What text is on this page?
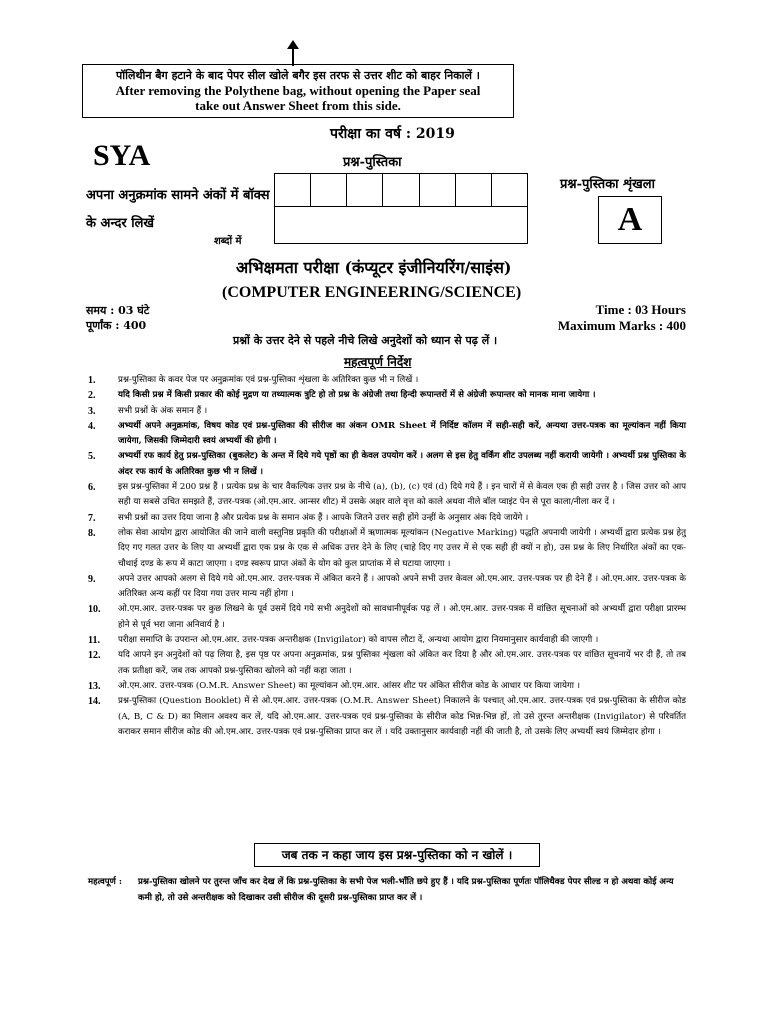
पॉलिथीन बैग हटाने के बाद पेपर सील खोले बगैर इस तरफ से उत्तर शीट को बाहर निकालें ।
After removing the Polythene bag, without opening the Paper seal
take out Answer Sheet from this side.
परीक्षा का वर्ष : 2019
SYA	प्रश्न-पुस्तिका
प्रश्न-पुस्तिका शृंखला
A
अपना अनुक्रमांक सामने अंकों में बॉक्स के अन्दर लिखें
शब्दों में
अभिक्षमता परीक्षा (कंप्यूटर इंजीनियरिंग/साइंस)
(COMPUTER ENGINEERING/SCIENCE)
समय : 03 घंटे
पूर्णांक : 400
Time : 03 Hours
Maximum Marks : 400
प्रश्नों के उत्तर देने से पहले नीचे लिखे अनुदेशों को ध्यान से पढ़ लें ।
महत्वपूर्ण निर्देश
1.	प्रश्न-पुस्तिका के कवर पेज पर अनुक्रमांक एवं प्रश्न-पुस्तिका शृंखला के अतिरिक्त कुछ भी न लिखें ।
2.	यदि किसी प्रश्न में किसी प्रकार की कोई मुद्रण या तथ्यात्मक त्रुटि हो तो प्रश्न के अंग्रेजी तथा हिन्दी रूपान्तरों में से अंग्रेजी रूपान्तर को मानक माना जायेगा ।
3.	सभी प्रश्नों के अंक समान हैं ।
4.	अभ्यर्थी अपने अनुक्रमांक, विषय कोड एवं प्रश्न-पुस्तिका की सीरीज का अंकन OMR Sheet में निर्दिष्ट कॉलम में सही-सही करें, अन्यथा उत्तर-पत्रक का मूल्यांकन नहीं किया जायेगा, जिसकी जिम्मेदारी स्वयं अभ्यर्थी की होगी ।
5.	अभ्यर्थी रफ कार्य हेतु प्रश्न-पुस्तिका (बुकलेट) के अन्त में दिये गये पृष्ठों का ही केवल उपयोग करें । अलग से इस हेतु वर्किंग शीट उपलब्ध नहीं करायी जायेगी । अभ्यर्थी प्रश्न पुस्तिका के अंदर रफ कार्य के अतिरिक्त कुछ भी न लिखें ।
6.	इस प्रश्न-पुस्तिका में 200 प्रश्न हैं । प्रत्येक प्रश्न के चार वैकल्पिक उत्तर प्रश्न के नीचे (a), (b), (c) एवं (d) दिये गये हैं । इन चारों में से केवल एक ही सही उत्तर है । जिस उत्तर को आप सही या सबसे उचित समझते हैं, उत्तर-पत्रक (ओ.एम.आर. आन्सर शीट) में उसके अक्षर वाले वृत्त को काले अथवा नीले बॉल प्वाइंट पेन से पूरा काला/नीला कर दें ।
7.	सभी प्रश्नों का उत्तर दिया जाना है और प्रत्येक प्रश्न के समान अंक हैं । आपके जितने उत्तर सही होंगे उन्हीं के अनुसार अंक दिये जायेंगे ।
8.	लोक सेवा आयोग द्वारा आयोजित की जाने वाली वस्तुनिष्ठ प्रकृति की परीक्षाओं में ऋणात्मक मूल्यांकन (Negative Marking) पद्धति अपनायी जायेगी । अभ्यर्थी द्वारा प्रत्येक प्रश्न हेतु दिए गए गलत उत्तर के लिए या अभ्यर्थी द्वारा एक प्रश्न के एक से अधिक उत्तर देने के लिए (चाहे दिए गए उत्तर में से एक सही ही क्यों न हो), उस प्रश्न के लिए निर्धारित अंकों का एक-चौथाई दण्ड के रूप में काटा जाएगा । दण्ड स्वरूप प्राप्त अंकों के योग को कुल प्राप्तांक में से घटाया जाएगा ।
9.	अपने उत्तर आपको अलग से दिये गये ओ.एम.आर. उत्तर-पत्रक में अंकित करने हैं । आपको अपने सभी उत्तर केवल ओ.एम.आर. उत्तर-पत्रक पर ही देने हैं । ओ.एम.आर. उत्तर-पत्रक के अतिरिक्त अन्य कहीं पर दिया गया उत्तर मान्य नहीं होगा ।
10.	ओ.एम.आर. उत्तर-पत्रक पर कुछ लिखने के पूर्व उसमें दिये गये सभी अनुदेशों को सावधानीपूर्वक पढ़ लें । ओ.एम.आर. उत्तर-पत्रक में वांछित सूचनाओं को अभ्यर्थी द्वारा परीक्षा प्रारम्भ होने से पूर्व भरा जाना अनिवार्य है ।
11.	परीक्षा समाप्ति के उपरान्त ओ.एम.आर. उत्तर-पत्रक अन्तरीक्षक (Invigilator) को वापस लौटा दें, अन्यथा आयोग द्वारा नियमानुसार कार्यवाही की जाएगी ।
12.	यदि आपने इन अनुदेशों को पढ़ लिया है, इस पृष्ठ पर अपना अनुक्रमांक, प्रश्न पुस्तिका शृंखला को अंकित कर दिया है और ओ.एम.आर. उत्तर-पत्रक पर वांछित सूचनायें भर दी हैं, तो तब तक प्रतीक्षा करें, जब तक आपको प्रश्न-पुस्तिका खोलने को नहीं कहा जाता ।
13.	ओ.एम.आर. उत्तर-पत्रक (O.M.R. Answer Sheet) का मूल्यांकन ओ.एम.आर. आंसर शीट पर अंकित सीरीज कोड के आधार पर किया जायेगा ।
14.	प्रश्न-पुस्तिका (Question Booklet) में से ओ.एम.आर. उत्तर-पत्रक (O.M.R. Answer Sheet) निकालने के पश्चात् ओ.एम.आर. उत्तर-पत्रक एवं प्रश्न-पुस्तिका के सीरीज कोड (A, B, C & D) का मिलान अवश्य कर लें, यदि ओ.एम.आर. उत्तर-पत्रक एवं प्रश्न-पुस्तिका के सीरीज कोड भिन्न-भिन्न हों, तो उसे तुरन्त अन्तरीक्षक (Invigilator) से परिवर्तित कराकर समान सीरीज कोड की ओ.एम.आर. उत्तर-पत्रक एवं प्रश्न-पुस्तिका प्राप्त कर लें । यदि उक्तानुसार कार्यवाही नहीं की जाती है, तो उसके लिए अभ्यर्थी स्वयं जिम्मेदार होगा ।
जब तक न कहा जाय इस प्रश्न-पुस्तिका को न खोलें ।
महत्वपूर्ण :	प्रश्न-पुस्तिका खोलने पर तुरन्त जाँच कर देख लें कि प्रश्न-पुस्तिका के सभी पेज भली-भाँति छपे हुए हैं । यदि प्रश्न-पुस्तिका पूर्णतः पॉलिथैक्ड पेपर सील्ड न हो अथवा कोई अन्य कमी हो, तो उसे अन्तरीक्षक को दिखाकर उसी सीरीज की दूसरी प्रश्न-पुस्तिका प्राप्त कर लें ।
